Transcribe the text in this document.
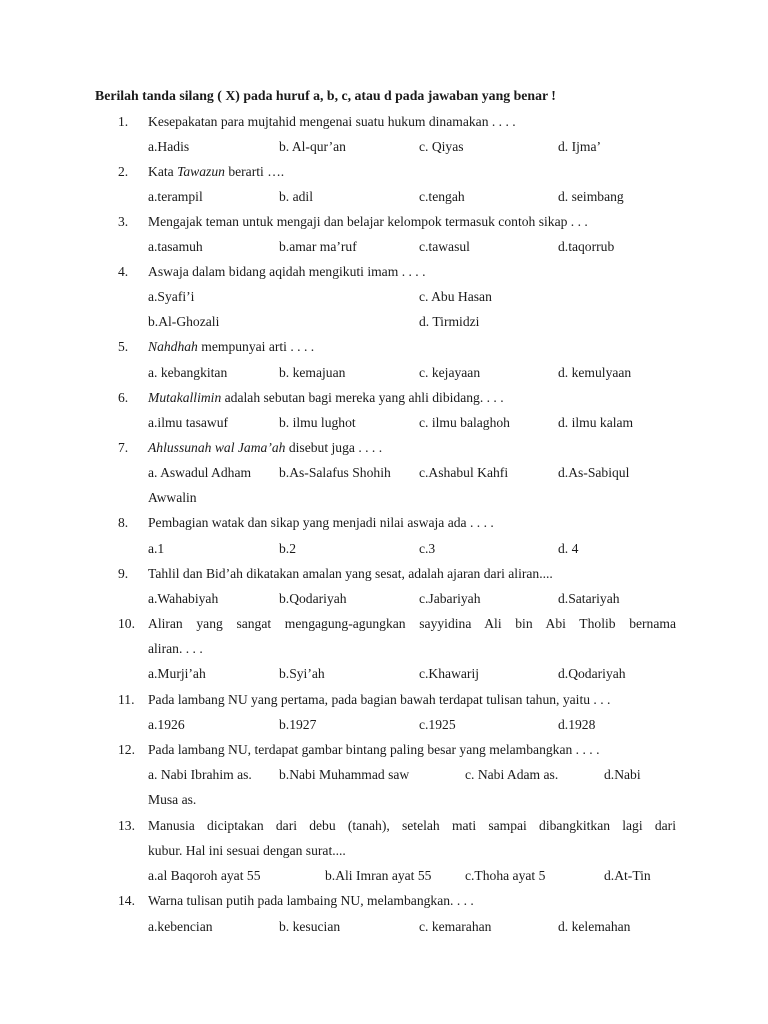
Berilah tanda silang ( X) pada huruf a, b, c, atau d pada jawaban yang benar !
1.	Kesepakatan para mujtahid mengenai suatu hukum dinamakan . . . .
a.Hadis	b. Al-qur’an	c. Qiyas	d. Ijma’
2.	Kata Tawazun berarti ….
a.terampil	b. adil	c.tengah	d. seimbang
3.	Mengajak teman untuk mengaji dan belajar kelompok termasuk contoh sikap . . .
a.tasamuh	b.amar ma’ruf	c.tawasul	d.taqorrub
4.	Aswaja dalam bidang aqidah mengikuti imam . . . .
a.Syafi’i	c. Abu Hasan
b.Al-Ghozali	d. Tirmidzi
5.	Nahdhah mempunyai arti . . . .
a. kebangkitan	b. kemajuan	c. kejayaan	d. kemulyaan
6.	Mutakallimin adalah sebutan bagi mereka yang ahli dibidang. . . .
a.ilmu tasawuf	b. ilmu lughot	c. ilmu balaghoh	d. ilmu kalam
7.	Ahlussunah wal Jama’ah disebut juga . . . .
a. Aswadul Adham b.As-Salafus Shohih c.Ashabul Kahfi	d.As-Sabiqul
Awwalin
8.	Pembagian watak dan sikap yang menjadi nilai aswaja ada . . . .
a.1	b.2	c.3	d. 4
9.	Tahlil dan Bid’ah dikatakan amalan yang sesat, adalah ajaran dari aliran....
a.Wahabiyah	b.Qodariyah	c.Jabariyah	d.Satariyah
10. Aliran yang sangat mengagung-agungkan sayyidina Ali bin Abi Tholib bernama
aliran. . . .
a.Murji’ah	b.Syi’ah	c.Khawarij	d.Qodariyah
11. Pada lambang NU yang pertama, pada bagian bawah terdapat tulisan tahun, yaitu . . .
a.1926	b.1927	c.1925	d.1928
12. Pada lambang NU, terdapat gambar bintang paling besar yang melambangkan . . . .
a. Nabi Ibrahim as. b.Nabi Muhammad saw	c. Nabi Adam as.	d.Nabi
Musa as.
13. Manusia diciptakan dari debu (tanah), setelah mati sampai dibangkitkan lagi dari
kubur. Hal ini sesuai dengan surat....
a.al Baqoroh ayat 55	b.Ali Imran ayat 55 c.Thoha ayat 5	d.At-Tin
14. Warna tulisan putih pada lambaing NU, melambangkan. . . .
a.kebencian	b. kesucian	c. kemarahan	d. kelemahan
